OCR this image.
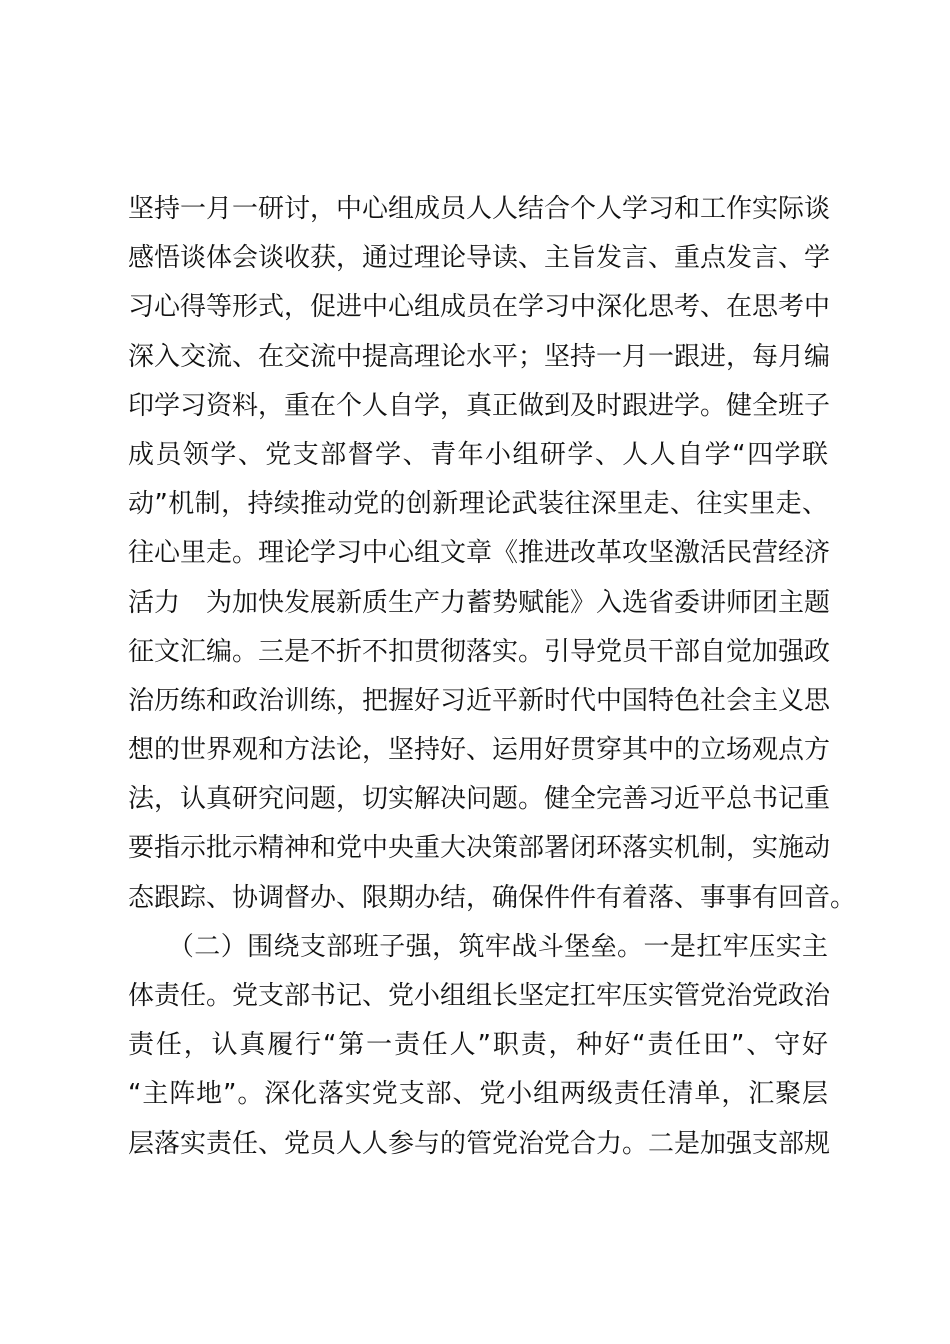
坚持一月一研讨，中心组成员人人结合个人学习和工作实际谈
感悟谈体会谈收获，通过理论导读、主旨发言、重点发言、学
习心得等形式，促进中心组成员在学习中深化思考、在思考中
深入交流、在交流中提高理论水平；坚持一月一跟进，每月编
印学习资料，重在个人自学，真正做到及时跟进学。健全班子
成员领学、党支部督学、青年小组研学、人人自学“四学联
动”机制，持续推动党的创新理论武装往深里走、往实里走、
往心里走。理论学习中心组文章《推进改革攻坚激活民营经济
活力　为加快发展新质生产力蓄势赋能》入选省委讲师团主题
征文汇编。三是不折不扣贯彻落实。引导党员干部自觉加强政
治历练和政治训练，把握好习近平新时代中国特色社会主义思
想的世界观和方法论，坚持好、运用好贯穿其中的立场观点方
法，认真研究问题，切实解决问题。健全完善习近平总书记重
要指示批示精神和党中央重大决策部署闭环落实机制，实施动
态跟踪、协调督办、限期办结，确保件件有着落、事事有回音。
　　（二）围绕支部班子强，筑牢战斗堡垒。一是扛牢压实主
体责任。党支部书记、党小组组长坚定扛牢压实管党治党政治
责任，认真履行“第一责任人”职责，种好“责任田”、守好
“主阵地”。深化落实党支部、党小组两级责任清单，汇聚层
层落实责任、党员人人参与的管党治党合力。二是加强支部规
